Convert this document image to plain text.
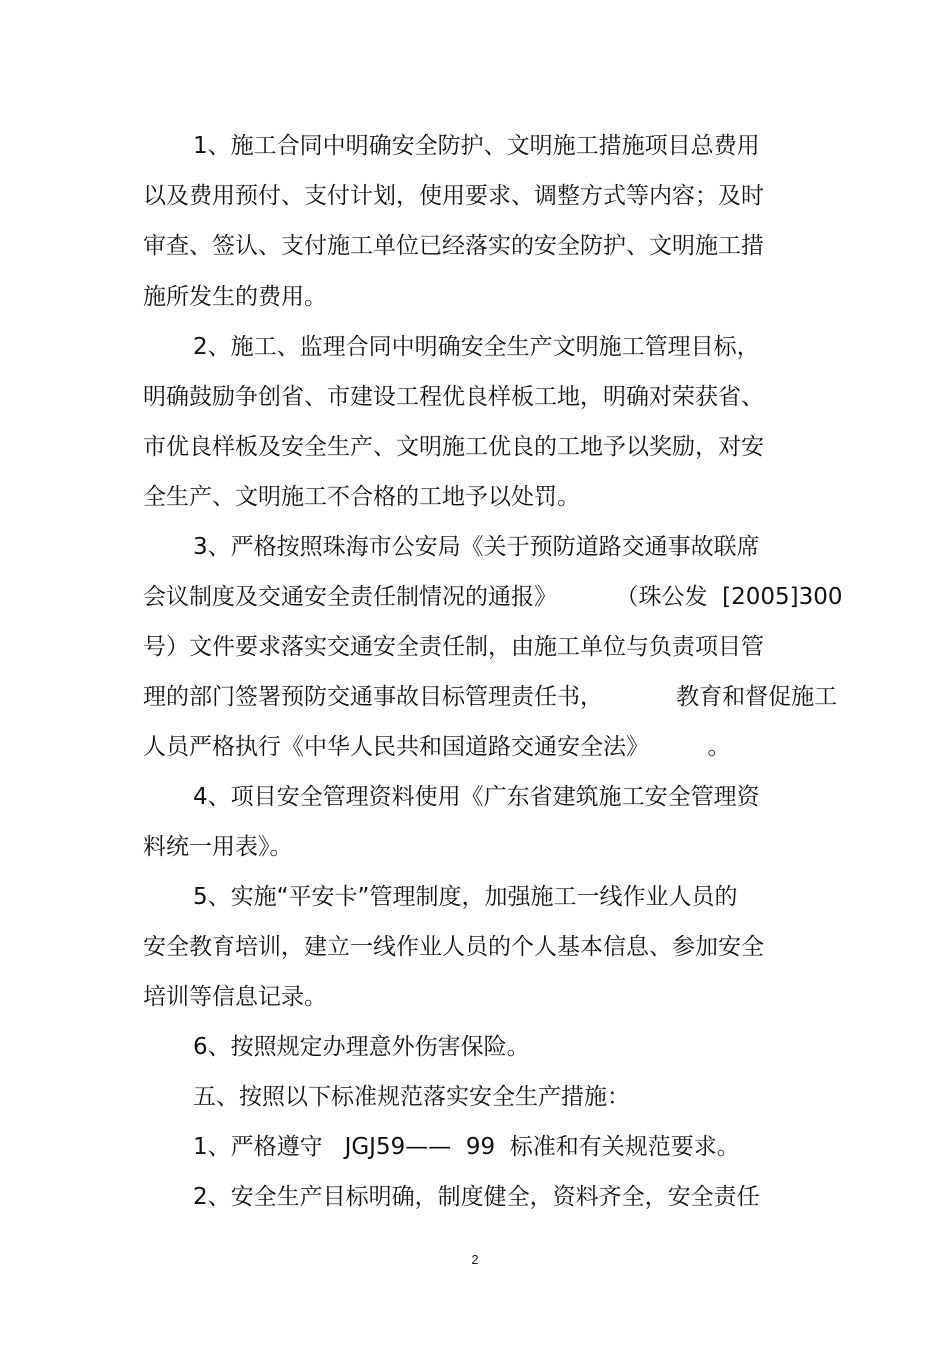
1、施工合同中明确安全防护、文明施工措施项目总费用
以及费用预付、支付计划，使用要求、调整方式等内容；及时
审查、签认、支付施工单位已经落实的安全防护、文明施工措
施所发生的费用。
2、施工、监理合同中明确安全生产文明施工管理目标，
明确鼓励争创省、市建设工程优良样板工地，明确对荣获省、
市优良样板及安全生产、文明施工优良的工地予以奖励，对安
全生产、文明施工不合格的工地予以处罚。
3、严格按照珠海市公安局《关于预防道路交通事故联席
会议制度及交通安全责任制情况的通报》        （珠公发  [2005]300
号）文件要求落实交通安全责任制，由施工单位与负责项目管
理的部门签署预防交通事故目标管理责任书，          教育和督促施工
人员严格执行《中华人民共和国道路交通安全法》        。
4、项目安全管理资料使用《广东省建筑施工安全管理资
料统一用表》。
5、实施“平安卡”管理制度，加强施工一线作业人员的
安全教育培训，建立一线作业人员的个人基本信息、参加安全
培训等信息记录。
6、按照规定办理意外伤害保险。
五、按照以下标准规范落实安全生产措施：
1、严格遵守   JGJ59——  99  标准和有关规范要求。
2、安全生产目标明确，制度健全，资料齐全，安全责任
2
